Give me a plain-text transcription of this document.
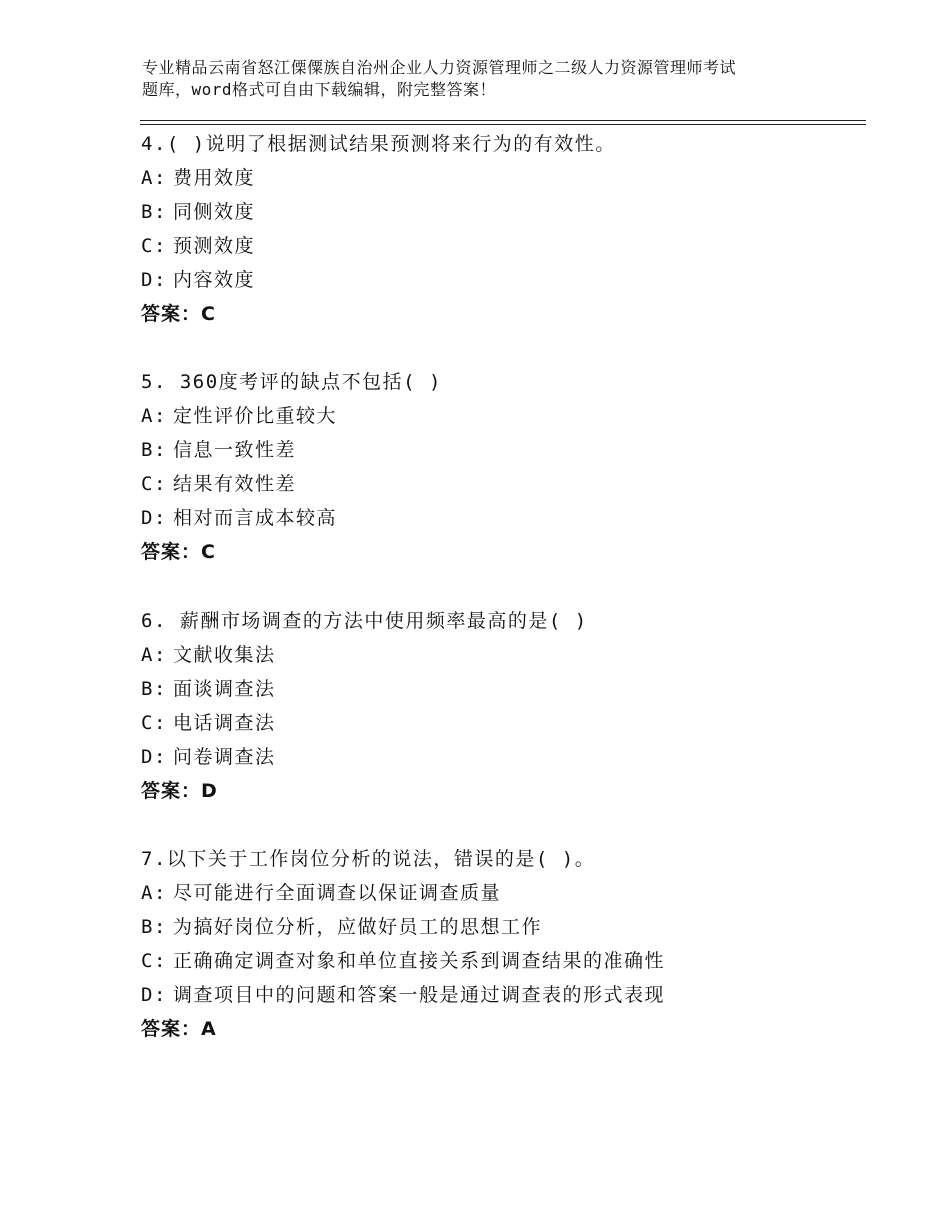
专业精品云南省怒江傈僳族自治州企业人力资源管理师之二级人力资源管理师考试
题库，word格式可自由下载编辑，附完整答案！
4.( )说明了根据测试结果预测将来行为的有效性。
A: 费用效度
B: 同侧效度
C: 预测效度
D: 内容效度
答案：C
5. 360度考评的缺点不包括( )
A: 定性评价比重较大
B: 信息一致性差
C: 结果有效性差
D: 相对而言成本较高
答案：C
6. 薪酬市场调查的方法中使用频率最高的是( )
A: 文献收集法
B: 面谈调查法
C: 电话调查法
D: 问卷调查法
答案：D
7.以下关于工作岗位分析的说法，错误的是( )。
A: 尽可能进行全面调查以保证调查质量
B: 为搞好岗位分析，应做好员工的思想工作
C: 正确确定调查对象和单位直接关系到调查结果的准确性
D: 调查项目中的问题和答案一般是通过调查表的形式表现
答案：A
